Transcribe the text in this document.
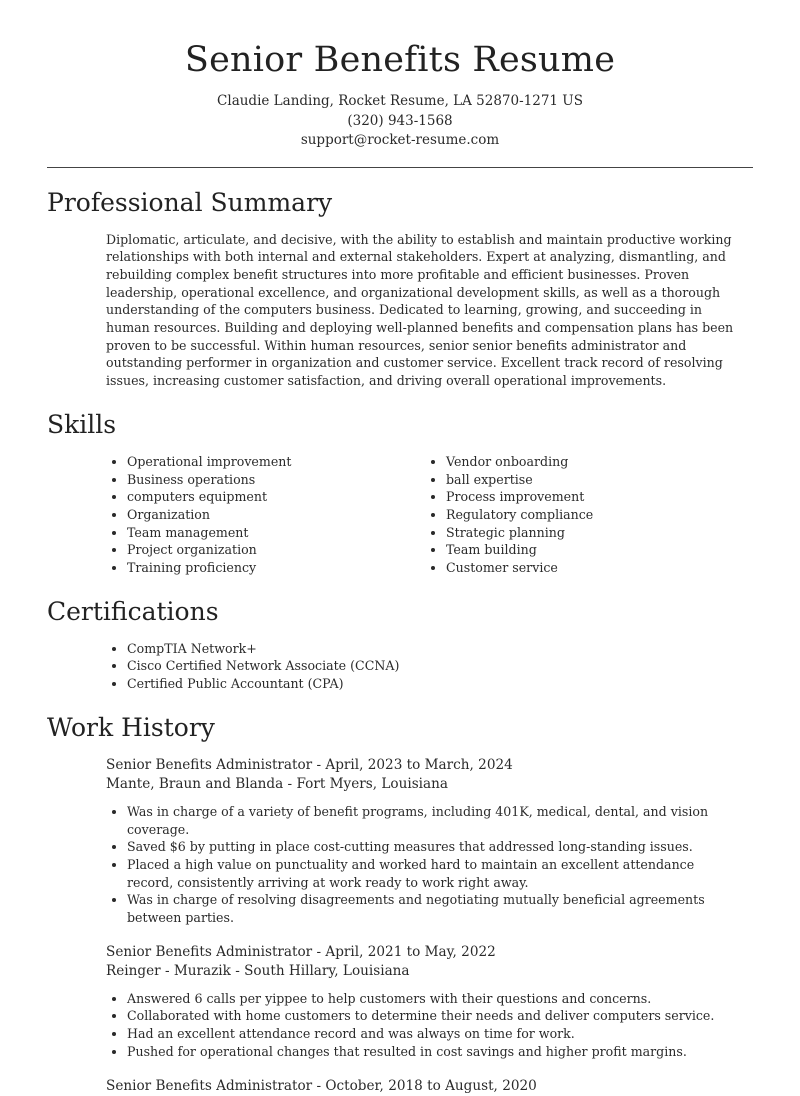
Senior Benefits Resume
Claudie Landing, Rocket Resume, LA 52870-1271 US
(320) 943-1568
support@rocket-resume.com
Professional Summary

Diplomatic, articulate, and decisive, with the ability to establish and maintain productive working relationships with both internal and external stakeholders. Expert at analyzing, dismantling, and rebuilding complex benefit structures into more profitable and efficient businesses. Proven leadership, operational excellence, and organizational development skills, as well as a thorough understanding of the computers business. Dedicated to learning, growing, and succeeding in human resources. Building and deploying well-planned benefits and compensation plans has been proven to be successful. Within human resources, senior senior benefits administrator and outstanding performer in organization and customer service. Excellent track record of resolving issues, increasing customer satisfaction, and driving overall operational improvements.

Skills
• Operational improvement
• Business operations
• computers equipment
• Organization
• Team management
• Project organization
• Training proficiency
• Vendor onboarding
• ball expertise
• Process improvement
• Regulatory compliance
• Strategic planning
• Team building
• Customer service
Certifications
• CompTIA Network+
• Cisco Certified Network Associate (CCNA)
• Certified Public Accountant (CPA)
Work History
Senior Benefits Administrator - April, 2023 to March, 2024
Mante, Braun and Blanda - Fort Myers, Louisiana
• Was in charge of a variety of benefit programs, including 401K, medical, dental, and vision coverage.
• Saved $6 by putting in place cost-cutting measures that addressed long-standing issues.
• Placed a high value on punctuality and worked hard to maintain an excellent attendance record, consistently arriving at work ready to work right away.
• Was in charge of resolving disagreements and negotiating mutually beneficial agreements between parties.
Senior Benefits Administrator - April, 2021 to May, 2022
Reinger - Murazik - South Hillary, Louisiana
• Answered 6 calls per yippee to help customers with their questions and concerns.
• Collaborated with home customers to determine their needs and deliver computers service.
• Had an excellent attendance record and was always on time for work.
• Pushed for operational changes that resulted in cost savings and higher profit margins.
Senior Benefits Administrator - October, 2018 to August, 2020
